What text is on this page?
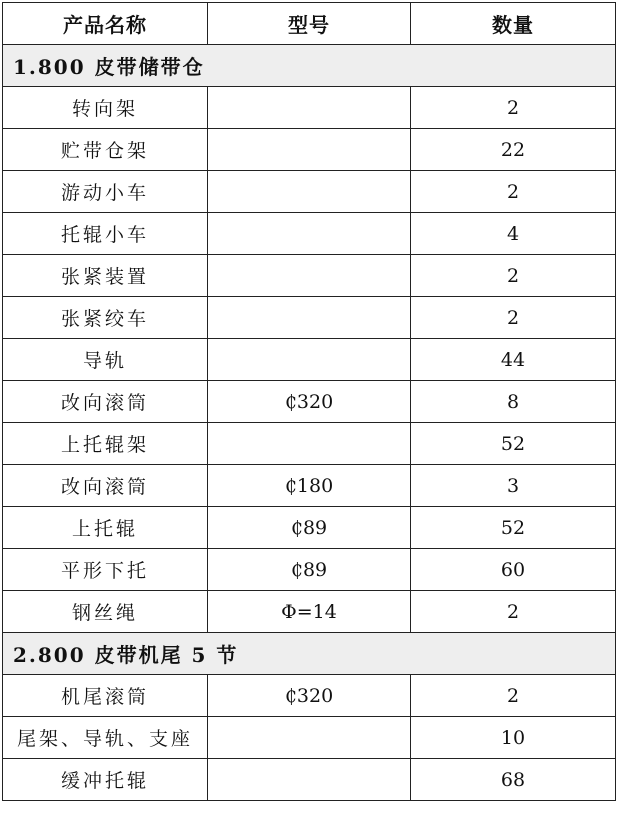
产品名称	型号	数量
1.800 皮带储带仓		
转向架		2
贮带仓架		22
游动小车		2
托辊小车		4
张紧装置		2
张紧绞车		2
导轨		44
改向滚筒	₵320	8
上托辊架		52
改向滚筒	₵180	3
上托辊	₵89	52
平形下托	₵89	60
钢丝绳	Φ=14	2
2.800 皮带机尾 5 节		
机尾滚筒	₵320	2
尾架、导轨、支座		10
缓冲托辊		68
